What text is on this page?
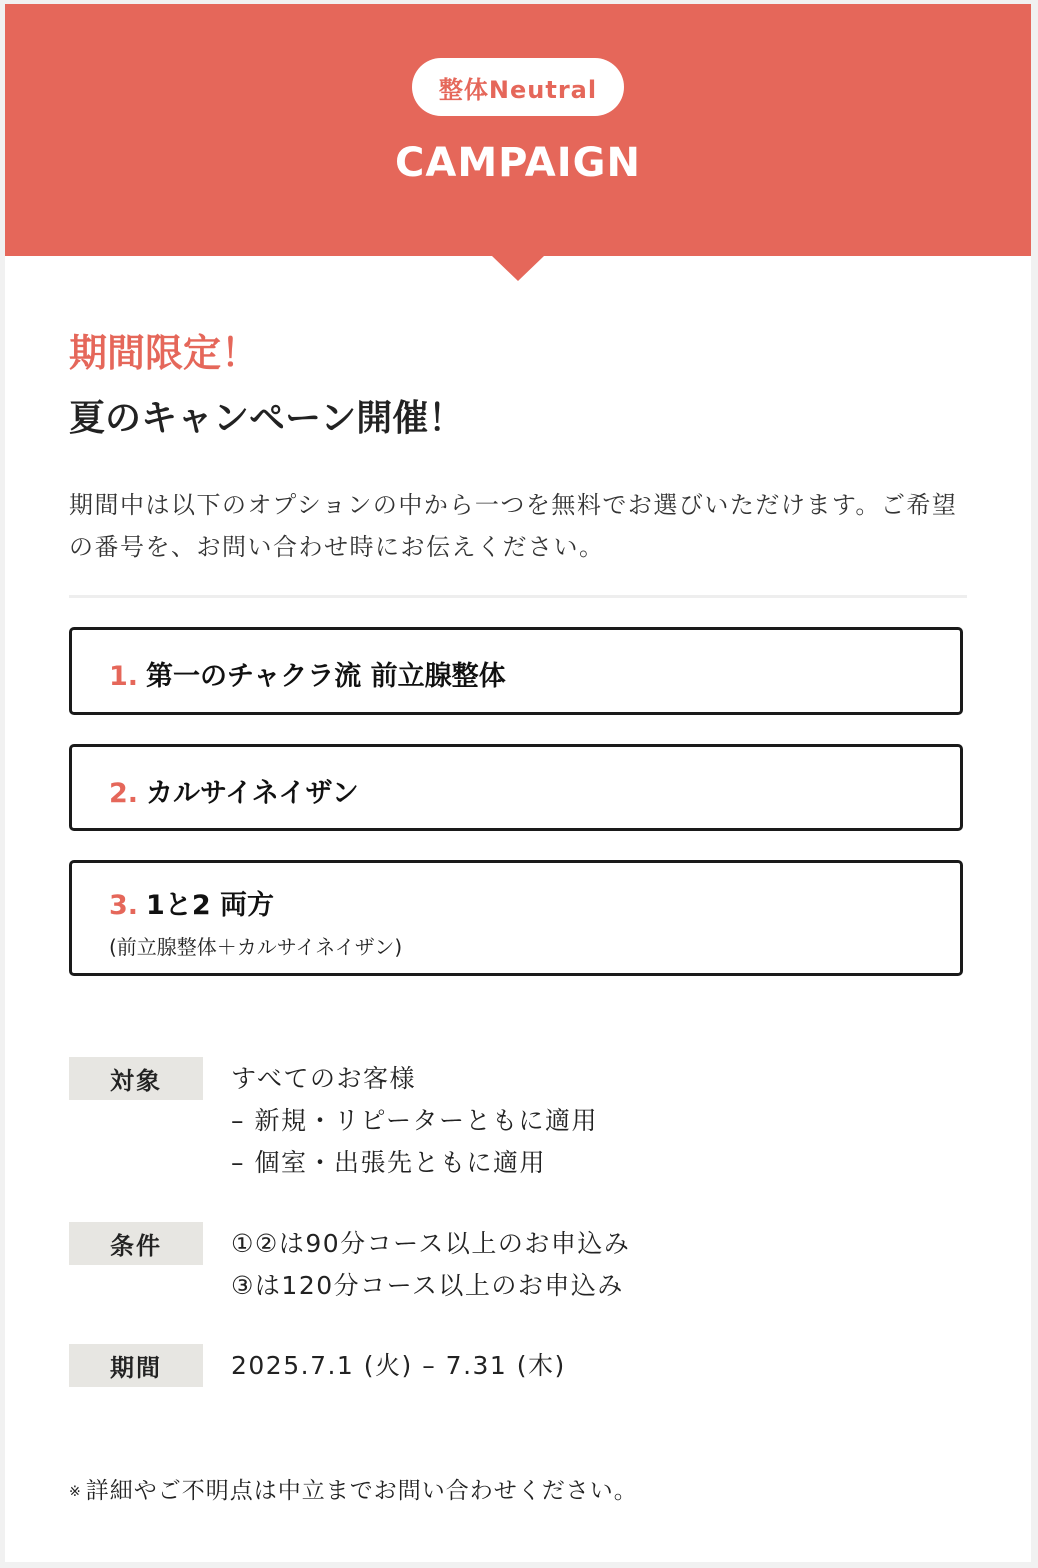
整体Neutral
CAMPAIGN
期間限定！
夏のキャンペーン開催！
期間中は以下のオプションの中から一つを無料でお選びいただけます。ご希望の番号を、お問い合わせ時にお伝えください。
1. 第一のチャクラ流 前立腺整体
2. カルサイネイザン
3. 1と2 両方
(前立腺整体＋カルサイネイザン)
対象	すべてのお客様
– 新規・リピーターともに適用
– 個室・出張先ともに適用
条件	①②は90分コース以上のお申込み
③は120分コース以上のお申込み
期間	2025.7.1 (火) – 7.31 (木)
※ 詳細やご不明点は中立までお問い合わせください。
